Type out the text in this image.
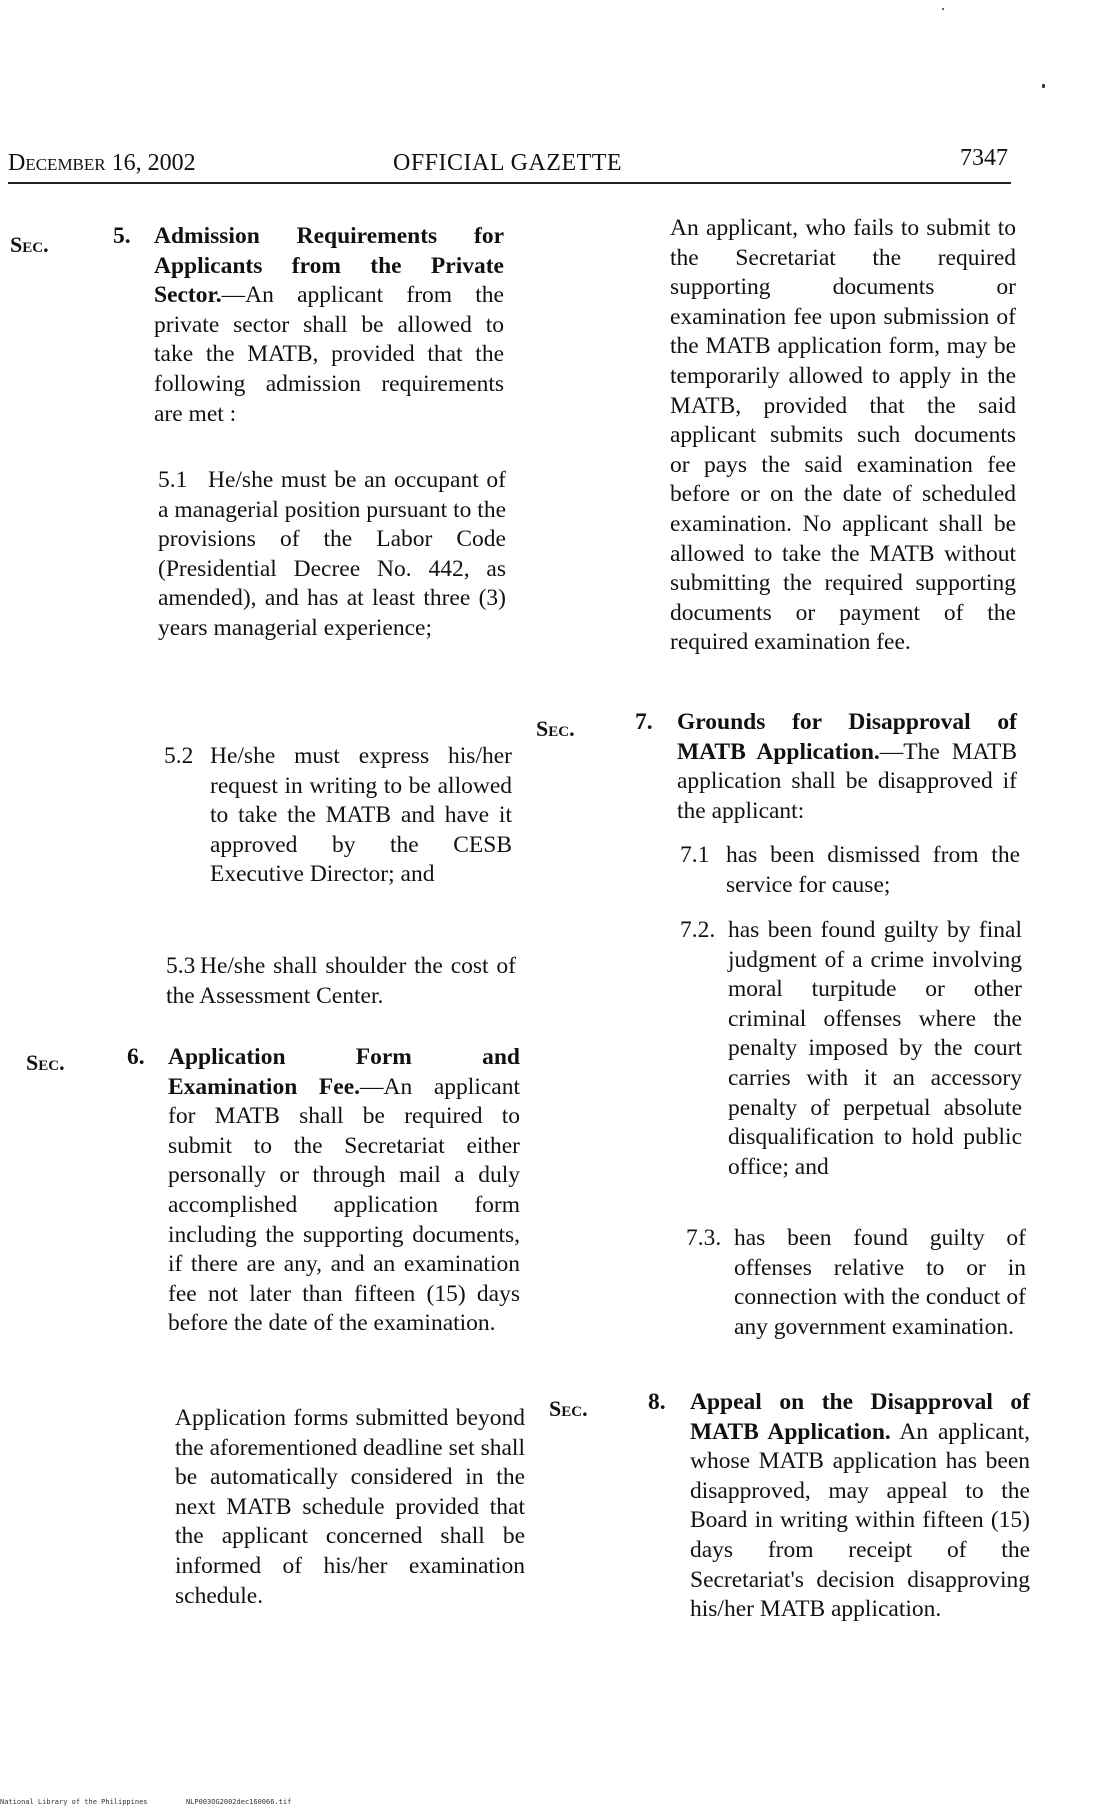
December 16, 2002	OFFICIAL GAZETTE	7347
Sec.	5. Admission Requirements for Applicants from the Private Sector.—An applicant from the private sector shall be allowed to take the MATB, provided that the following admission requirements are met :

5.1 He/she must be an occupant of a managerial position pursuant to the provisions of the Labor Code (Presidential Decree No. 442, as amended), and has at least three (3) years managerial experience;

5.2 He/she must express his/her request in writing to be allowed to take the MATB and have it approved by the CESB Executive Director; and

5.3 He/she shall shoulder the cost of the Assessment Center.

Sec.	6. Application Form and Examination Fee.—An applicant for MATB shall be required to submit to the Secretariat either personally or through mail a duly accomplished application form including the supporting documents, if there are any, and an examination fee not later than fifteen (15) days before the date of the examination.

Application forms submitted beyond the aforementioned deadline set shall be automatically considered in the next MATB schedule provided that the applicant concerned shall be informed of his/her examination schedule.

An applicant, who fails to submit to the Secretariat the required supporting documents or examination fee upon submission of the MATB application form, may be temporarily allowed to apply in the MATB, provided that the said applicant submits such documents or pays the said examination fee before or on the date of scheduled examination. No applicant shall be allowed to take the MATB without submitting the required supporting documents or payment of the required examination fee.

Sec.	7. Grounds for Disapproval of MATB Application.—The MATB application shall be disapproved if the applicant:

7.1 has been dismissed from the service for cause;

7.2. has been found guilty by final judgment of a crime involving moral turpitude or other criminal offenses where the penalty imposed by the court carries with it an accessory penalty of perpetual absolute disqualification to hold public office; and

7.3. has been found guilty of offenses relative to or in connection with the conduct of any government examination.

Sec.	8. Appeal on the Disapproval of MATB Application. An applicant, whose MATB application has been disapproved, may appeal to the Board in writing within fifteen (15) days from receipt of the Secretariat's decision disapproving his/her MATB application.

National Library of the Philippines	NLP003OG2002dec160066.tif
